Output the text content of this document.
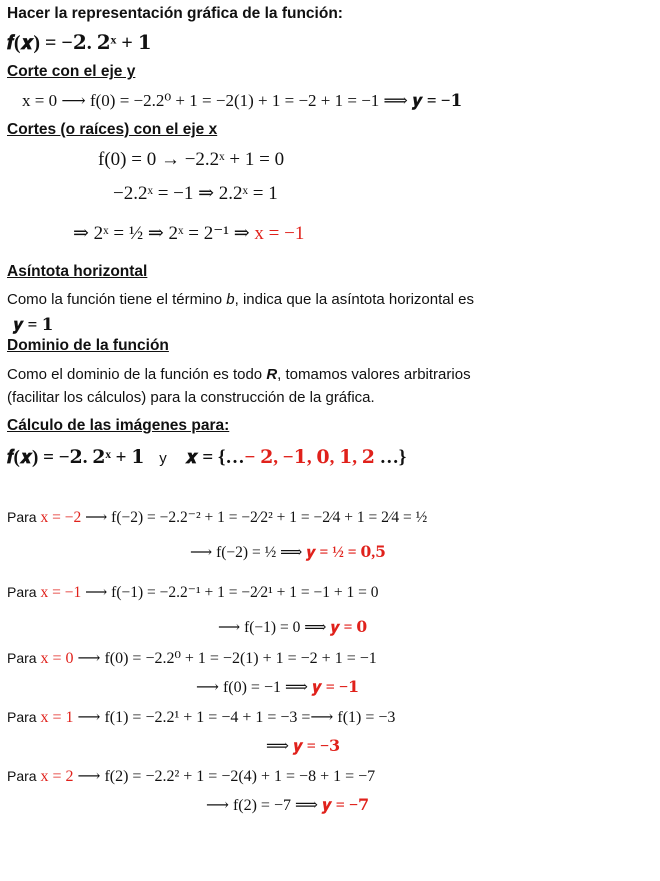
Hacer la representación gráfica de la función:
𝒇(𝒙) = −𝟐. 𝟐ˣ + 𝟏
Corte con el eje y
x = 0 ⟶ f(0) = −2.2⁰ + 1 = −2(1) + 1 = −2 + 1 = −1 ⟹ 𝒚 = −𝟏
Cortes (o raíces) con el eje x
f(0) = 0 → −2.2ˣ + 1 = 0
−2.2ˣ = −1 ⇒ 2.2ˣ = 1
⇒ 2ˣ = ½ ⇒ 2ˣ = 2⁻¹ ⇒ x = −1
Asíntota horizontal
Como la función tiene el término b, indica que la asíntota horizontal es
𝒚 = 𝟏
Dominio de la función
Como el dominio de la función es todo R, tomamos valores arbitrarios
(facilitar los cálculos) para la construcción de la gráfica.
Cálculo de las imágenes para:
𝒇(𝒙) = −𝟐. 𝟐ˣ + 𝟏 y 𝒙 = {…− 𝟐, −𝟏, 𝟎, 𝟏, 𝟐 …}
Para x = −2 ⟶ f(−2) = −2.2⁻² + 1 = −2⁄2² + 1 = −2⁄4 + 1 = 2⁄4 = ½
⟶ f(−2) = ½ ⟹ 𝒚 = ½ = 𝟎,𝟓
Para x = −1 ⟶ f(−1) = −2.2⁻¹ + 1 = −2⁄2¹ + 1 = −1 + 1 = 0
⟶ f(−1) = 0 ⟹ 𝒚 = 𝟎
Para x = 0 ⟶ f(0) = −2.2⁰ + 1 = −2(1) + 1 = −2 + 1 = −1
⟶ f(0) = −1 ⟹ 𝒚 = −𝟏
Para x = 1 ⟶ f(1) = −2.2¹ + 1 = −4 + 1 = −3 =⟶ f(1) = −3
⟹ 𝒚 = −𝟑
Para x = 2 ⟶ f(2) = −2.2² + 1 = −2(4) + 1 = −8 + 1 = −7
⟶ f(2) = −7 ⟹ 𝒚 = −𝟕
